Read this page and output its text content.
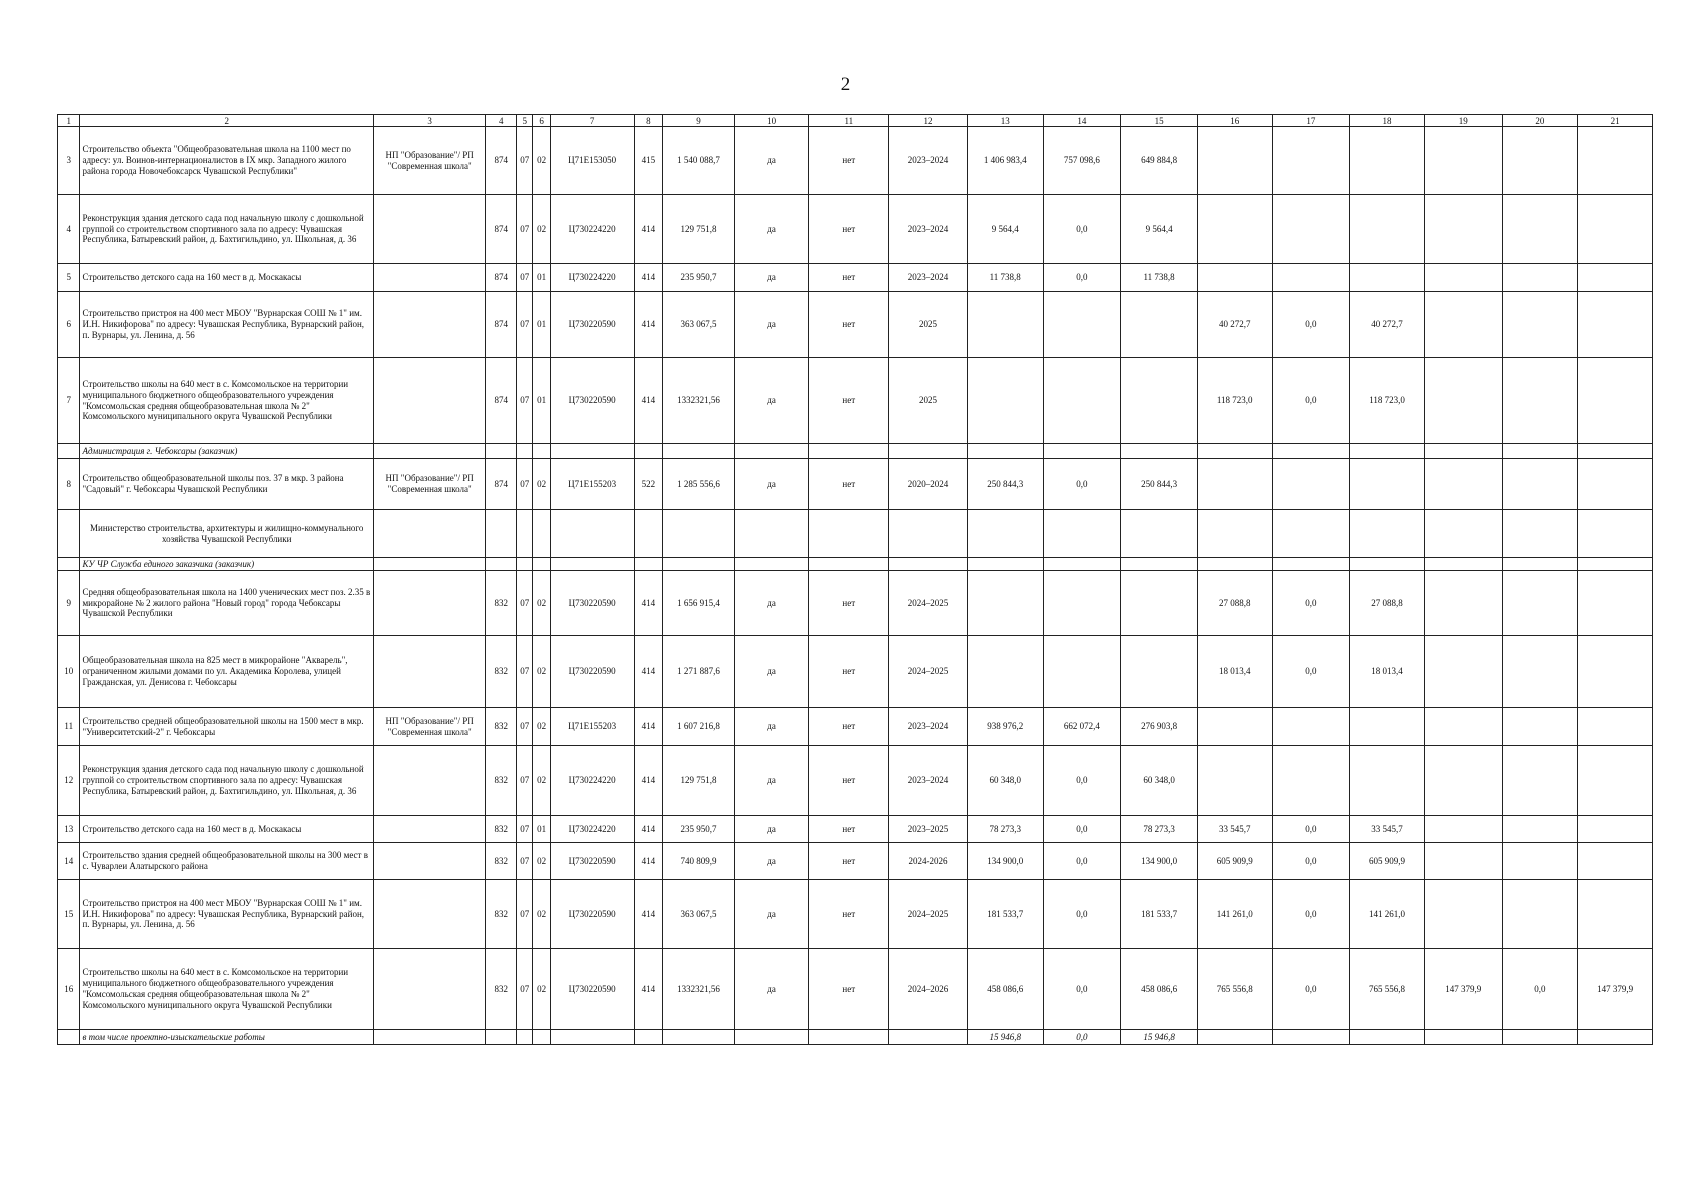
2
1	2	3	4	5	6	7	8	9	10	11	12	13	14	15	16	17	18	19	20	21
3	Строительство объекта "Общеобразовательная школа на 1100 мест по адресу: ул. Воинов-интернационалистов в IX мкр. Западного жилого района города Новочебоксарск Чувашской Республики"	НП "Образование"/ РП "Современная школа"	874	07	02	Ц71Е153050	415	1 540 088,7	да	нет	2023–2024	1 406 983,4	757 098,6	649 884,8						
4	Реконструкция здания детского сада под начальную школу с дошкольной группой со строительством спортивного зала по адресу: Чувашская Республика, Батыревский район, д. Бахтигильдино, ул. Школьная, д. 36		874	07	02	Ц730224220	414	129 751,8	да	нет	2023–2024	9 564,4	0,0	9 564,4						
5	Строительство детского сада на 160 мест в д. Москакасы		874	07	01	Ц730224220	414	235 950,7	да	нет	2023–2024	11 738,8	0,0	11 738,8						
6	Строительство пристроя на 400 мест МБОУ "Вурнарская СОШ № 1" им. И.Н. Никифорова" по адресу: Чувашская Республика, Вурнарский район, п. Вурнары, ул. Ленина, д. 56		874	07	01	Ц730220590	414	363 067,5	да	нет	2025				40 272,7	0,0	40 272,7			
7	Строительство школы на 640 мест в с. Комсомольское на территории муниципального бюджетного общеобразовательного учреждения "Комсомольская средняя общеобразовательная школа № 2" Комсомольского муниципального округа Чувашской Республики		874	07	01	Ц730220590	414	1332321,56	да	нет	2025				118 723,0	0,0	118 723,0			
	Администрация г. Чебоксары (заказчик)																			
8	Строительство общеобразовательной школы поз. 37 в мкр. 3 района "Садовый" г. Чебоксары Чувашской Республики	НП "Образование"/ РП "Современная школа"	874	07	02	Ц71Е155203	522	1 285 556,6	да	нет	2020–2024	250 844,3	0,0	250 844,3						
	Министерство строительства, архитектуры и жилищно-коммунального хозяйства Чувашской Республики																			
	КУ ЧР Служба единого заказчика (заказчик)																			
9	Средняя общеобразовательная школа на 1400 ученических мест поз. 2.35 в микрорайоне № 2 жилого района "Новый город" города Чебоксары Чувашской Республики		832	07	02	Ц730220590	414	1 656 915,4	да	нет	2024–2025				27 088,8	0,0	27 088,8			
10	Общеобразовательная школа на 825 мест в микрорайоне "Акварель", ограниченном жилыми домами по ул. Академика Королева, улицей Гражданская, ул. Денисова г. Чебоксары		832	07	02	Ц730220590	414	1 271 887,6	да	нет	2024–2025				18 013,4	0,0	18 013,4			
11	Строительство средней общеобразовательной школы на 1500 мест в мкр. "Университетский-2" г. Чебоксары	НП "Образование"/ РП "Современная школа"	832	07	02	Ц71Е155203	414	1 607 216,8	да	нет	2023–2024	938 976,2	662 072,4	276 903,8						
12	Реконструкция здания детского сада под начальную школу с дошкольной группой со строительством спортивного зала по адресу: Чувашская Республика, Батыревский район, д. Бахтигильдино, ул. Школьная, д. 36		832	07	02	Ц730224220	414	129 751,8	да	нет	2023–2024	60 348,0	0,0	60 348,0						
13	Строительство детского сада на 160 мест в д. Москакасы		832	07	01	Ц730224220	414	235 950,7	да	нет	2023–2025	78 273,3	0,0	78 273,3	33 545,7	0,0	33 545,7			
14	Строительство здания средней общеобразовательной школы на 300 мест в с. Чуварлеи Алатырского района		832	07	02	Ц730220590	414	740 809,9	да	нет	2024-2026	134 900,0	0,0	134 900,0	605 909,9	0,0	605 909,9			
15	Строительство пристроя на 400 мест МБОУ "Вурнарская СОШ № 1" им. И.Н. Никифорова" по адресу: Чувашская Республика, Вурнарский район, п. Вурнары, ул. Ленина, д. 56		832	07	02	Ц730220590	414	363 067,5	да	нет	2024–2025	181 533,7	0,0	181 533,7	141 261,0	0,0	141 261,0			
16	Строительство школы на 640 мест в с. Комсомольское на территории муниципального бюджетного общеобразовательного учреждения "Комсомольская средняя общеобразовательная школа № 2" Комсомольского муниципального округа Чувашской Республики		832	07	02	Ц730220590	414	1332321,56	да	нет	2024–2026	458 086,6	0,0	458 086,6	765 556,8	0,0	765 556,8	147 379,9	0,0	147 379,9
	в том числе проектно-изыскательские работы											15 946,8	0,0	15 946,8						
